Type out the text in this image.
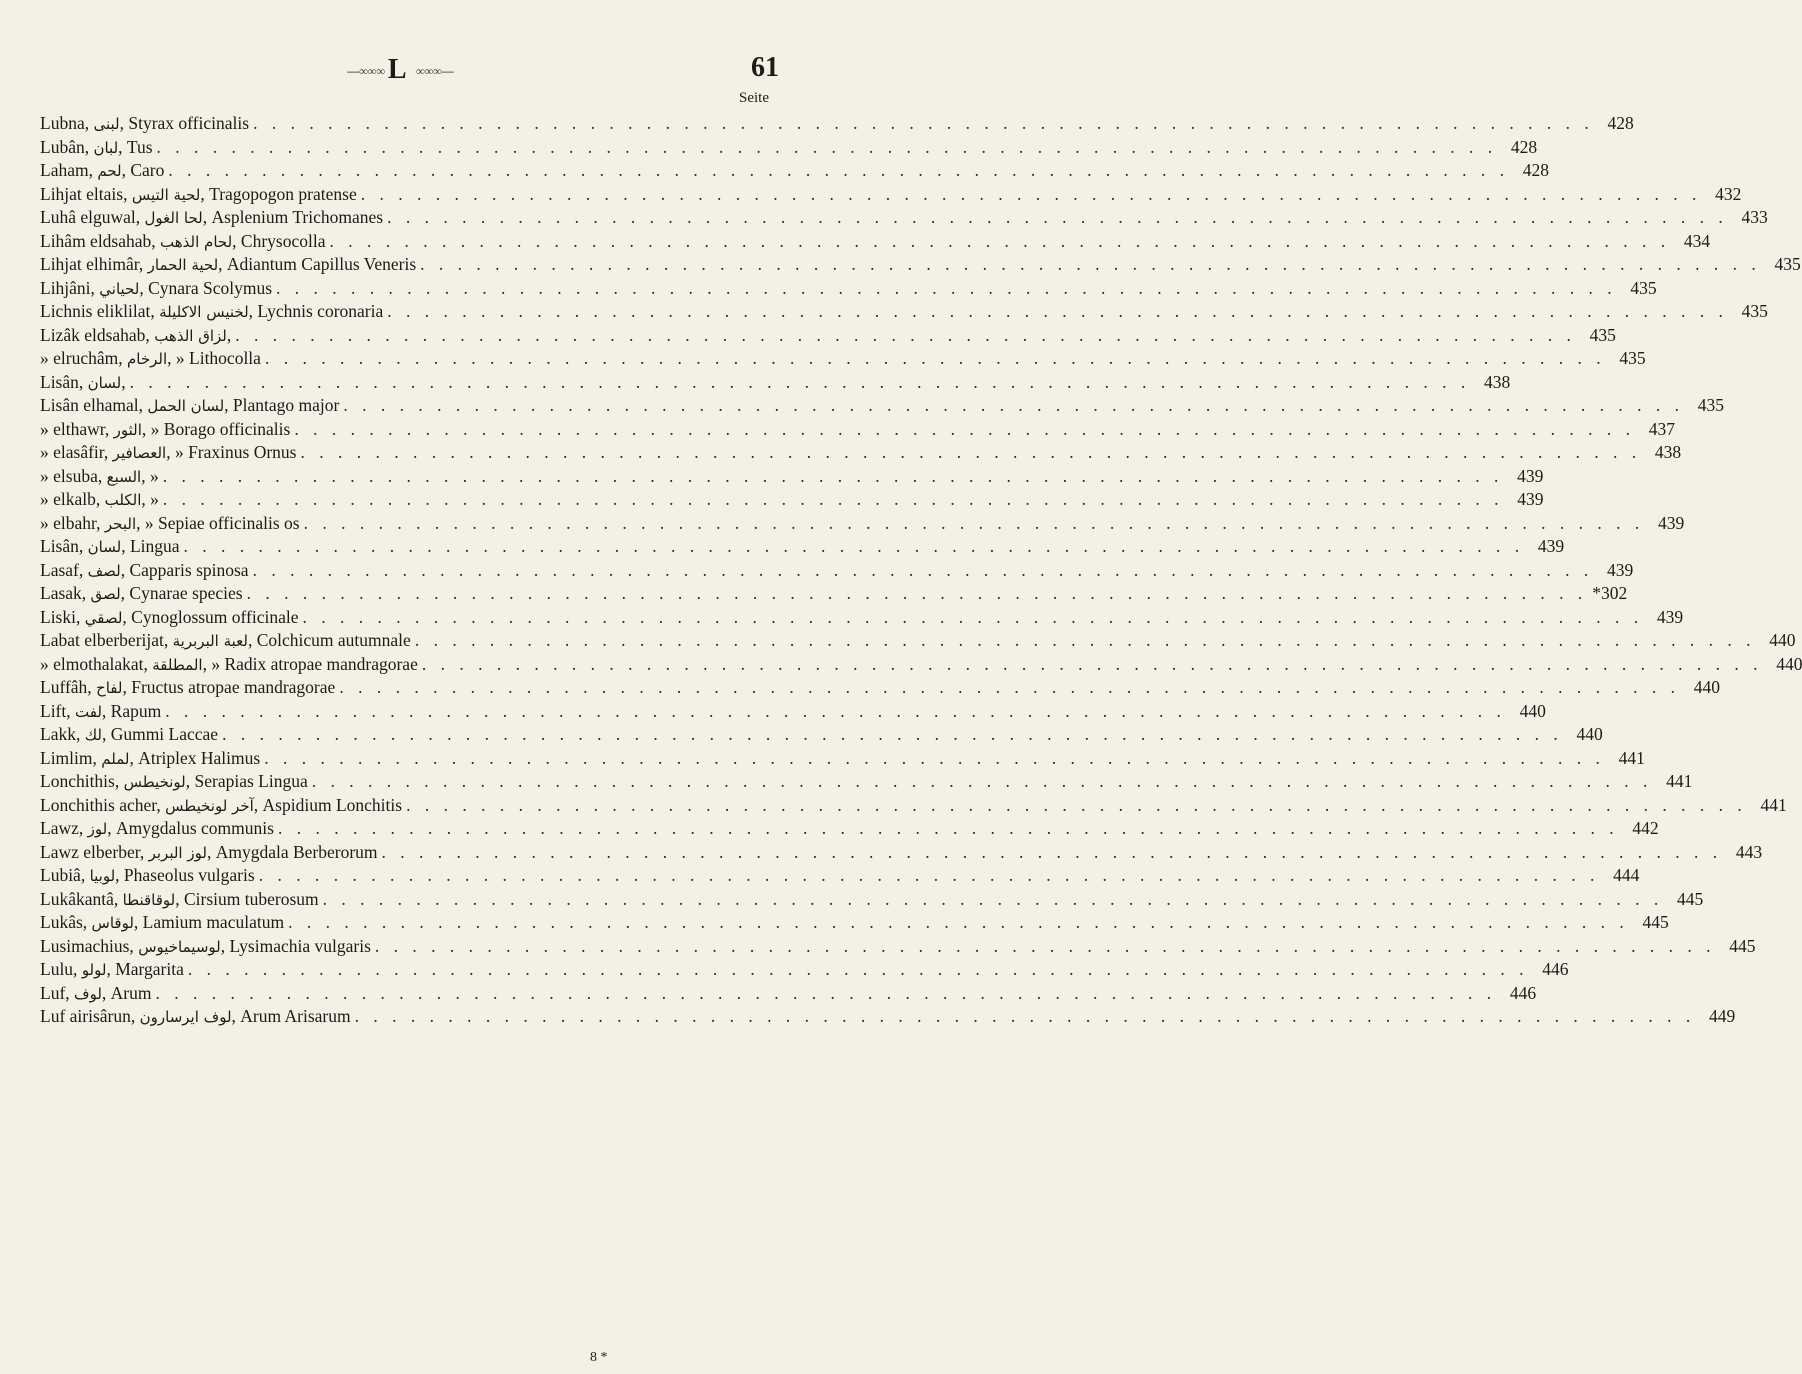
—∞∞∞ L ∞∞∞—	61
Seite
Lubna, لبنى, Styrax officinalis . . .	428
Lubân, لبان, Tus . . .	428
Laham, لحم, Caro . . .	428
Lihjat eltais, لحية التيس, Tragopogon pratense . . .	432
Luhâ elguwal, لحا الغول, Asplenium Trichomanes . . .	433
Lihâm eldsahab, لحام الذهب, Chrysocolla . . .	434
Lihjat elhimâr, لحية الحمار, Adiantum Capillus Veneris . . .	435
Lihjâni, لحياني, Cynara Scolymus . . .	435
Lichnis eliklilat, لخنيس الاكليلة, Lychnis coronaria . . .	435
Lizâk eldsahab, لزاق الذهب, . . .	435
» elruchâm, الرخام, » Lithocolla . . .	435
Lisân, لسان, . . .	438
Lisân elhamal, لسان الحمل, Plantago major . . .	435
» elthawr, الثور, » Borago officinalis . . .	437
» elasâfir, العصافير, » Fraxinus Ornus . . .	438
» elsuba, السبع, » . . .	439
» elkalb, الكلب, » . . .	439
» elbahr, البحر, » Sepiae officinalis os . . .	439
Lisân, لسان, Lingua . . .	439
Lasaf, لصف, Capparis spinosa . . .	439
Lasak, لصق, Cynarae species . . .	*302
Liski, لصقي, Cynoglossum officinale . . .	439
Labat elberberijat, لعبة البربرية, Colchicum autumnale . . .	440
» elmothalakat, المطلقة, » Radix atropae mandragorae . . .	440
Luffâh, لفاح, Fructus atropae mandragorae . . .	440
Lift, لفت, Rapum . . .	440
Lakk, لك, Gummi Laccae . . .	440
Limlim, لملم, Atriplex Halimus . . .	441
Lonchithis, لونخيطس, Serapias Lingua . . .	441
Lonchithis acher, آخر لونخيطس, Aspidium Lonchitis . . .	441
Lawz, لوز, Amygdalus communis . . .	442
Lawz elberber, لوز البربر, Amygdala Berberorum . . .	443
Lubiâ, لوبيا, Phaseolus vulgaris . . .	444
Lukâkantâ, لوقاقنطا, Cirsium tuberosum . . .	445
Lukâs, لوقاس, Lamium maculatum . . .	445
Lusimachius, لوسيماخيوس, Lysimachia vulgaris . . .	445
Lulu, لولو, Margarita . . .	446
Luf, لوف, Arum . . .	446
Luf airisârun, لوف ايرسارون, Arum Arisarum . . .	449
8 *
